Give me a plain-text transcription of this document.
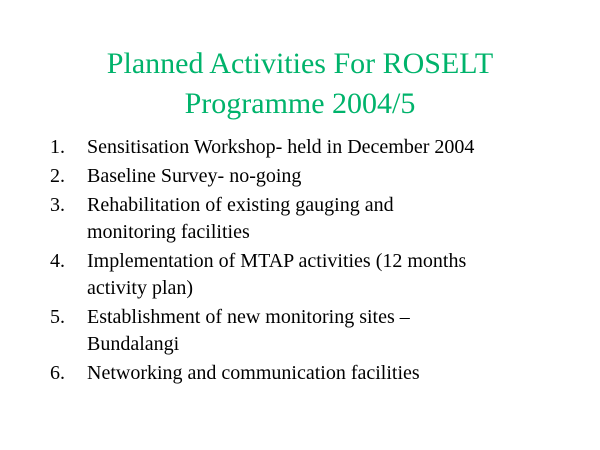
Planned Activities For ROSELT
Programme 2004/5
1.	Sensitisation Workshop- held in December 2004
2.	Baseline Survey- no-going
3.	Rehabilitation of existing gauging and
monitoring facilities
4.	Implementation of MTAP activities (12 months
activity plan)
5.	Establishment of new monitoring sites –
Bundalangi
6.	Networking and communication facilities
